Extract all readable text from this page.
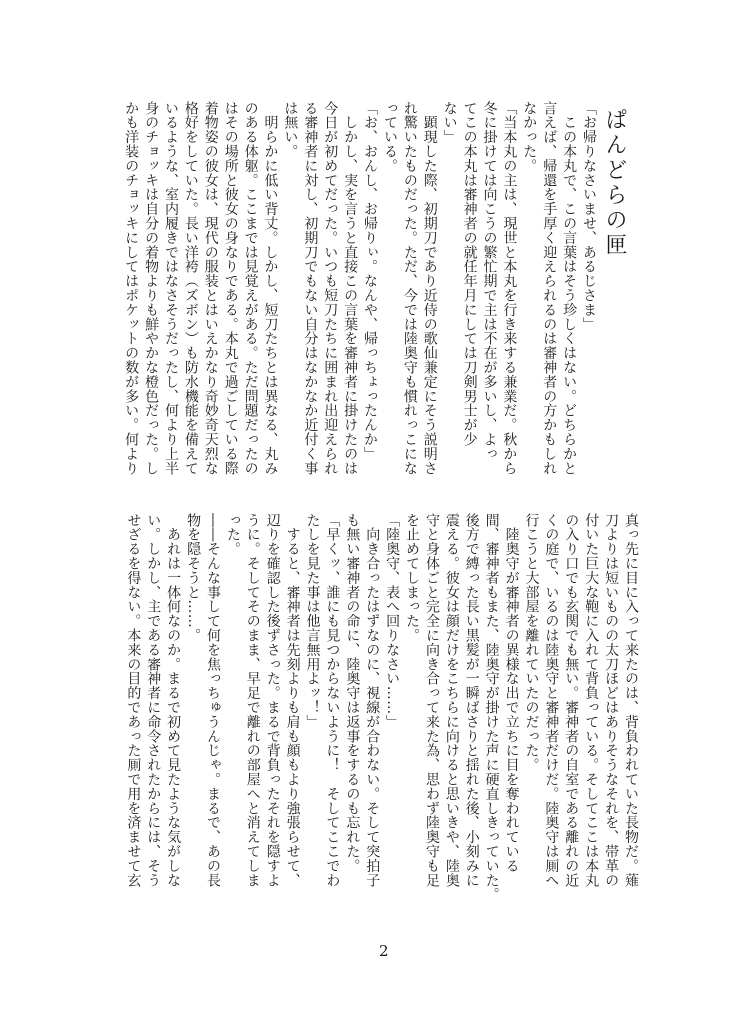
ぱんどらの匣
「お帰りなさいませ、あるじさま」
　この本丸で、この言葉はそう珍しくはない。どちらかと
言えば、帰還を手厚く迎えられるのは審神者の方かもしれ
なかった。
「当本丸の主は、現世と本丸を行き来する兼業だ。秋から
冬に掛けては向こうの繁忙期で主は不在が多いし、よっ
てこの本丸は審神者の就任年月にしては刀剣男士が少
ない」
　顕現した際、初期刀であり近侍の歌仙兼定にそう説明さ
れ驚いたものだった。ただ、今では陸奥守も慣れっこにな
っている。
「お、おんし、お帰りぃ。なんや、帰っちょったんか」
　しかし、実を言うと直接この言葉を審神者に掛けたのは
今日が初めてだった。いつも短刀たちに囲まれ出迎えられ
る審神者に対し、初期刀でもない自分はなかなか近付く事
は無い。
　明らかに低い背丈。しかし、短刀たちとは異なる、丸み
のある体躯。ここまでは見覚えがある。ただ問題だったの
はその場所と彼女の身なりである。本丸で過ごしている際
着物姿の彼女は、現代の服装とはいえかなり奇妙奇天烈な
格好をしていた。長い洋袴（ズボン）も防水機能を備えて
いるような、室内履きではなさそうだったし、何より上半
身のチョッキは自分の着物よりも鮮やかな橙色だった。し
かも洋装のチョッキにしてはポケットの数が多い。何より
真っ先に目に入って来たのは、背負われていた長物だ。薙
刀よりは短いものの太刀ほどはありそうなそれを、帯革の
付いた巨大な鞄に入れて背負っている。そしてここは本丸
の入り口でも玄関でも無い。審神者の自室である離れの近
くの庭で、いるのは陸奥守と審神者だけだ。陸奥守は厠へ
行こうと大部屋を離れていたのだった。
　陸奥守が審神者の異様な出で立ちに目を奪われている
間、審神者もまた、陸奥守が掛けた声に硬直しきっていた。
後方で縛った長い黒髪が一瞬ばさりと揺れた後、小刻みに
震える。彼女は顔だけをこちらに向けると思いきや、陸奥
守と身体ごと完全に向き合って来た為、思わず陸奥守も足
を止めてしまった。
「陸奥守、表へ回りなさい……」
　向き合ったはずなのに、視線が合わない。そして突拍子
も無い審神者の命に、陸奥守は返事をするのも忘れた。
「早くッ、誰にも見つからないように！　そしてここでわ
たしを見た事は他言無用よッ！」
　すると、審神者は先刻よりも肩も顔もより強張らせて、
辺りを確認した後ずさった。まるで背負ったそれを隠すよ
うに。そしてそのまま、早足で離れの部屋へと消えてしま
った。
――そんな事して何を焦っちゅうんじゃ。まるで、あの長
物を隠そうと……。
　あれは一体何なのか。まるで初めて見たような気がしな
い。しかし、主である審神者に命令されたからには、そう
せざるを得ない。本来の目的であった厠で用を済ませて玄
2
